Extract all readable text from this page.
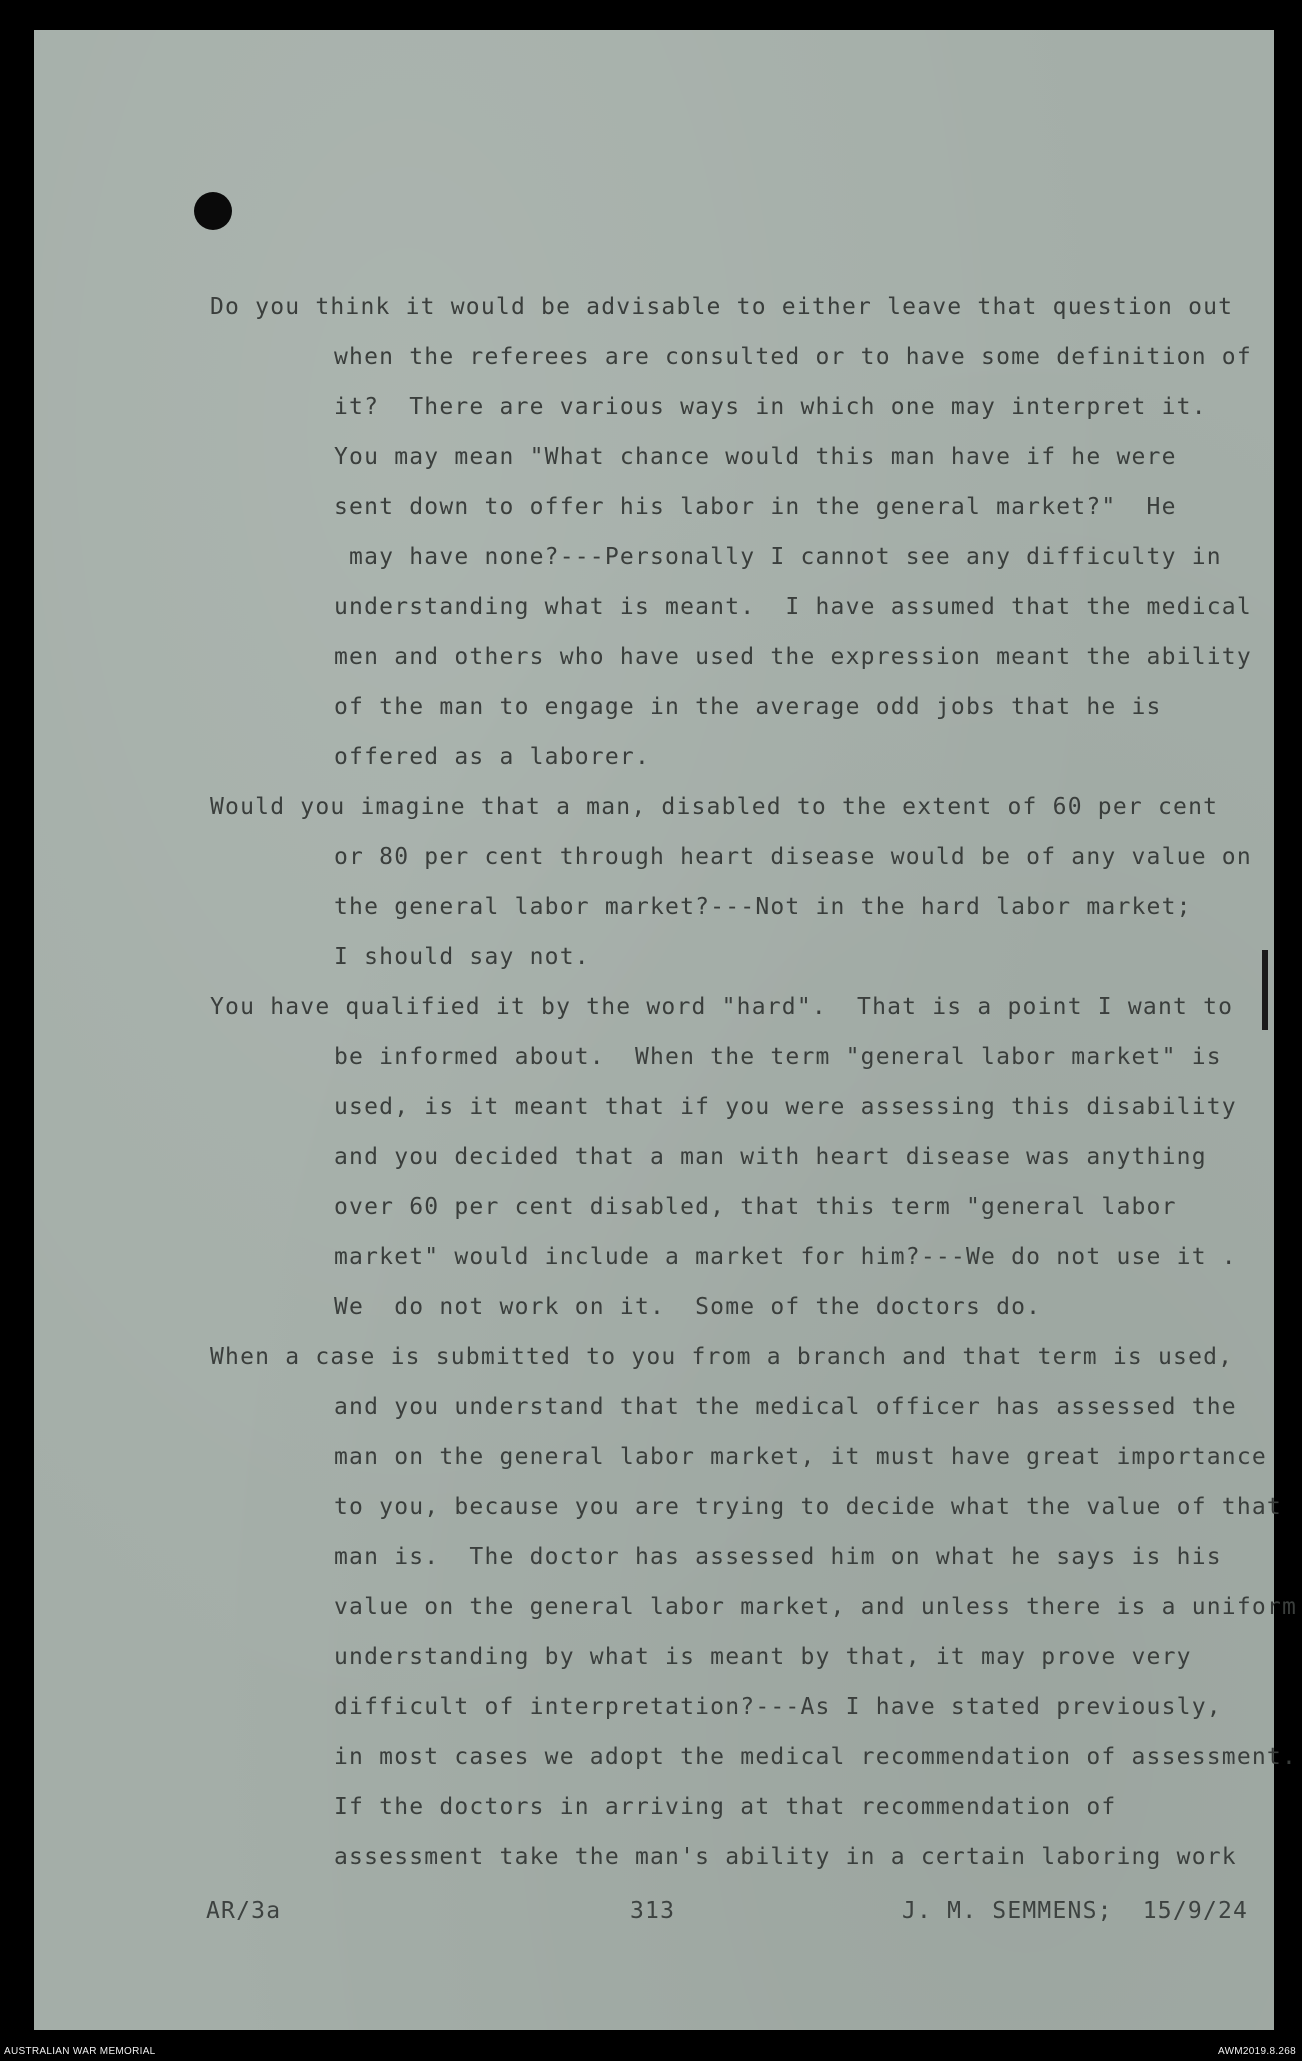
Do you think it would be advisable to either leave that question out
when the referees are consulted or to have some definition of
it?  There are various ways in which one may interpret it.
You may mean "What chance would this man have if he were
sent down to offer his labor in the general market?"  He
may have none?---Personally I cannot see any difficulty in
understanding what is meant.  I have assumed that the medical
men and others who have used the expression meant the ability
of the man to engage in the average odd jobs that he is
offered as a laborer.
Would you imagine that a man, disabled to the extent of 60 per cent
or 80 per cent through heart disease would be of any value on
the general labor market?---Not in the hard labor market;
I should say not.
You have qualified it by the word "hard".  That is a point I want to
be informed about.  When the term "general labor market" is
used, is it meant that if you were assessing this disability
and you decided that a man with heart disease was anything
over 60 per cent disabled, that this term "general labor
market" would include a market for him?---We do not use it .
We  do not work on it.  Some of the doctors do.
When a case is submitted to you from a branch and that term is used,
and you understand that the medical officer has assessed the
man on the general labor market, it must have great importance
to you, because you are trying to decide what the value of that
man is.  The doctor has assessed him on what he says is his
value on the general labor market, and unless there is a uniform
understanding by what is meant by that, it may prove very
difficult of interpretation?---As I have stated previously,
in most cases we adopt the medical recommendation of assessment.
If the doctors in arriving at that recommendation of
assessment take the man's ability in a certain laboring work
AR/3a	313	J. M. SEMMENS;  15/9/24
AUSTRALIAN WAR MEMORIAL	AWM2019.8.268
